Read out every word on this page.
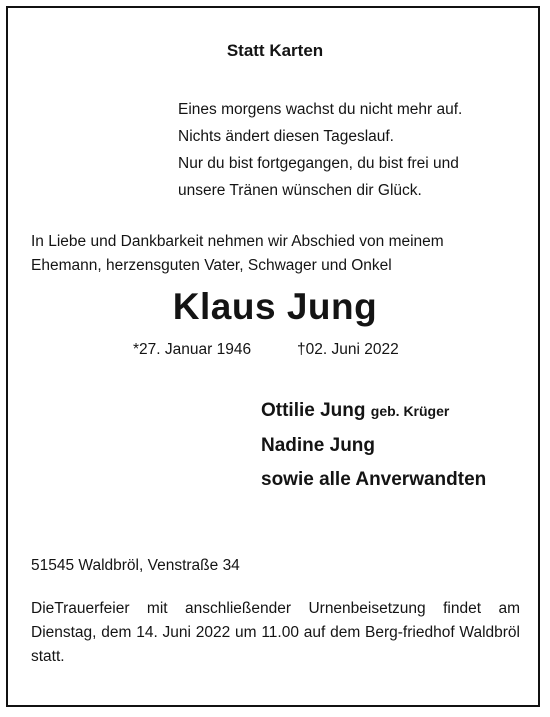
Statt Karten

Eines morgens wachst du nicht mehr auf.

Nichts ändert diesen Tageslauf.

Nur du bist fortgegangen, du bist frei und

unsere Tränen wünschen dir Glück.

In Liebe und Dankbarkeit nehmen wir Abschied von meinem

Ehemann, herzensguten Vater, Schwager und Onkel

Klaus Jung

*27. Januar 1946	†02. Juni 2022

Ottilie Jung geb. Krüger

Nadine Jung

sowie alle Anverwandten

51545 Waldbröl, Venstraße 34

DieTrauerfeier mit anschließender Urnenbeisetzung findet am Dienstag, dem 14. Juni 2022 um 11.00 auf dem Berg-friedhof Waldbröl statt.
